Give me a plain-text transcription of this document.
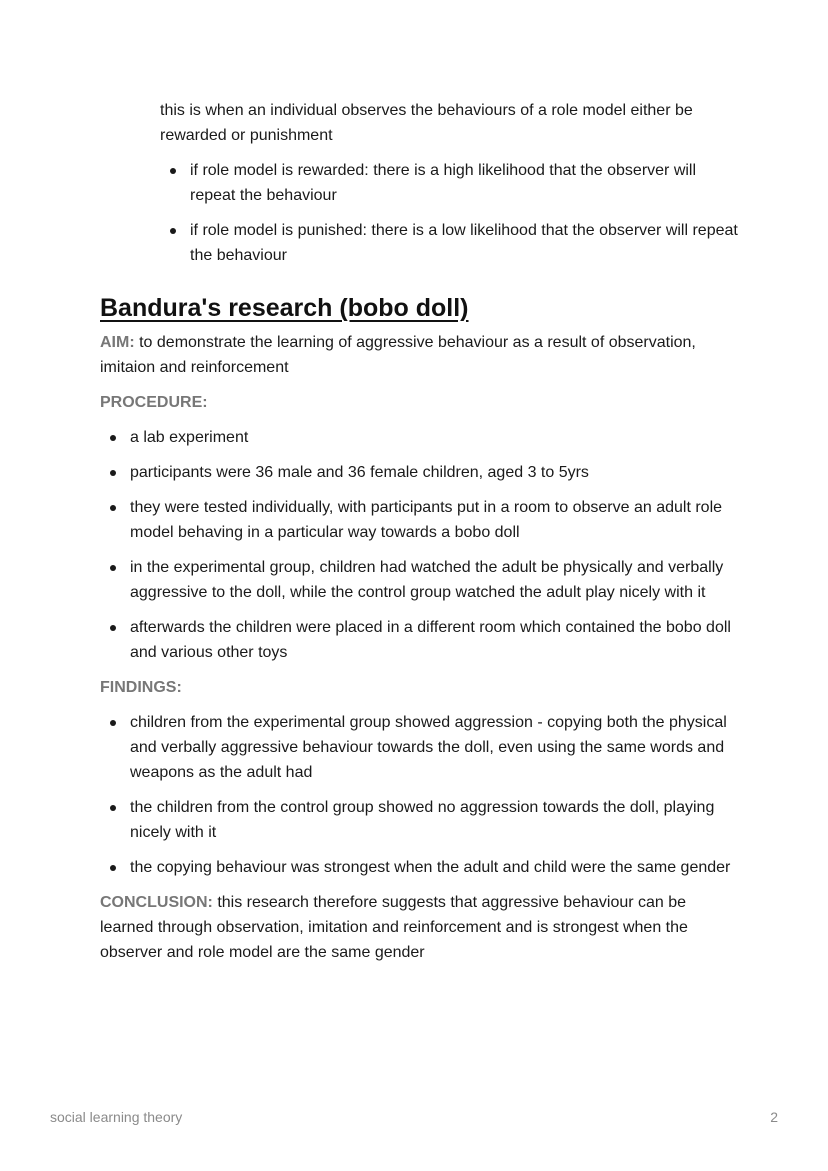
this is when an individual observes the behaviours of a role model either be rewarded or punishment

if role model is rewarded: there is a high likelihood that the observer will repeat the behaviour
if role model is punished: there is a low likelihood that the observer will repeat the behaviour
Bandura's research (bobo doll)

AIM: to demonstrate the learning of aggressive behaviour as a result of observation, imitaion and reinforcement

PROCEDURE:

a lab experiment
participants were 36 male and 36 female children, aged 3 to 5yrs
they were tested individually, with participants put in a room to observe an adult role model behaving in a particular way towards a bobo doll
in the experimental group, children had watched the adult be physically and verbally aggressive to the doll, while the control group watched the adult play nicely with it
afterwards the children were placed in a different room which contained the bobo doll and various other toys

FINDINGS:

children from the experimental group showed aggression - copying both the physical and verbally aggressive behaviour towards the doll, even using the same words and weapons as the adult had
the children from the control group showed no aggression towards the doll, playing nicely with it
the copying behaviour was strongest when the adult and child were the same gender

CONCLUSION: this research therefore suggests that aggressive behaviour can be learned through observation, imitation and reinforcement and is strongest when the observer and role model are the same gender

social learning theory	2
